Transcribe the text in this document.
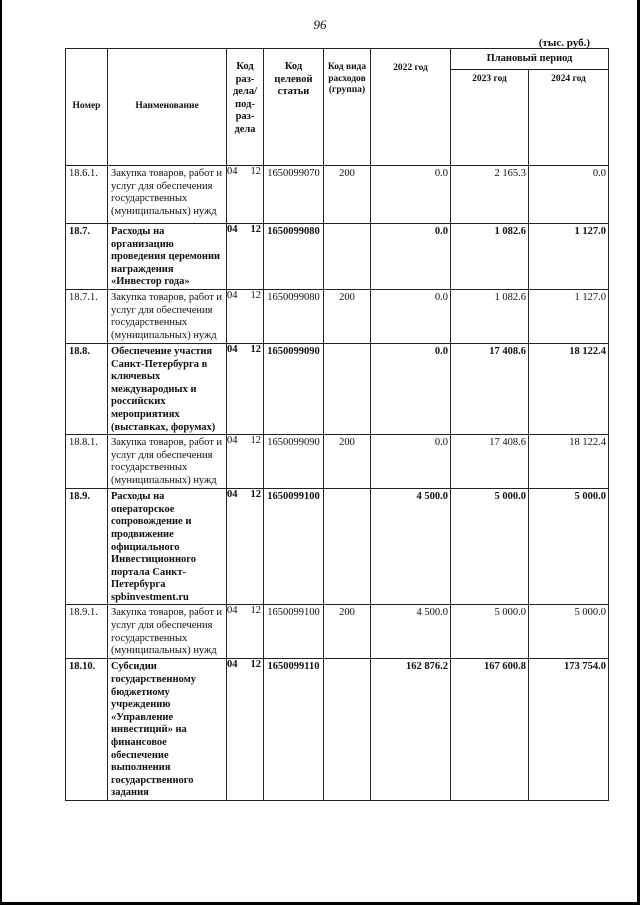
96
(тыс. руб.)
Номер	Наименование	Код раз- дела/ под- раз- дела	Код целевой статьи	Код вида расходов (группа)	2022 год	Плановый период	

						2023 год	2024 год

18.6.1.	Закупка товаров, работ и услуг для обеспечения государственных (муниципальных) нужд	04 12	1650099070	200	0.0	2 165.3	0.0
18.7.	Расходы на организацию проведения церемонии награждения «Инвестор года»	04 12	1650099080		0.0	1 082.6	1 127.0
18.7.1.	Закупка товаров, работ и услуг для обеспечения государственных (муниципальных) нужд	04 12	1650099080	200	0.0	1 082.6	1 127.0
18.8.	Обеспечение участия Санкт-Петербурга в ключевых международных и российских мероприятиях (выставках, форумах)	04 12	1650099090		0.0	17 408.6	18 122.4
18.8.1.	Закупка товаров, работ и услуг для обеспечения государственных (муниципальных) нужд	04 12	1650099090	200	0.0	17 408.6	18 122.4
18.9.	Расходы на операторское сопровождение и продвижение официального Инвестиционного портала Санкт-Петербурга spbinvestment.ru	04 12	1650099100		4 500.0	5 000.0	5 000.0
18.9.1.	Закупка товаров, работ и услуг для обеспечения государственных (муниципальных) нужд	04 12	1650099100	200	4 500.0	5 000.0	5 000.0
18.10.	Субсидии государственному бюджетному учреждению «Управление инвестиций» на финансовое обеспечение выполнения государственного задания	04 12	1650099110		162 876.2	167 600.8	173 754.0
